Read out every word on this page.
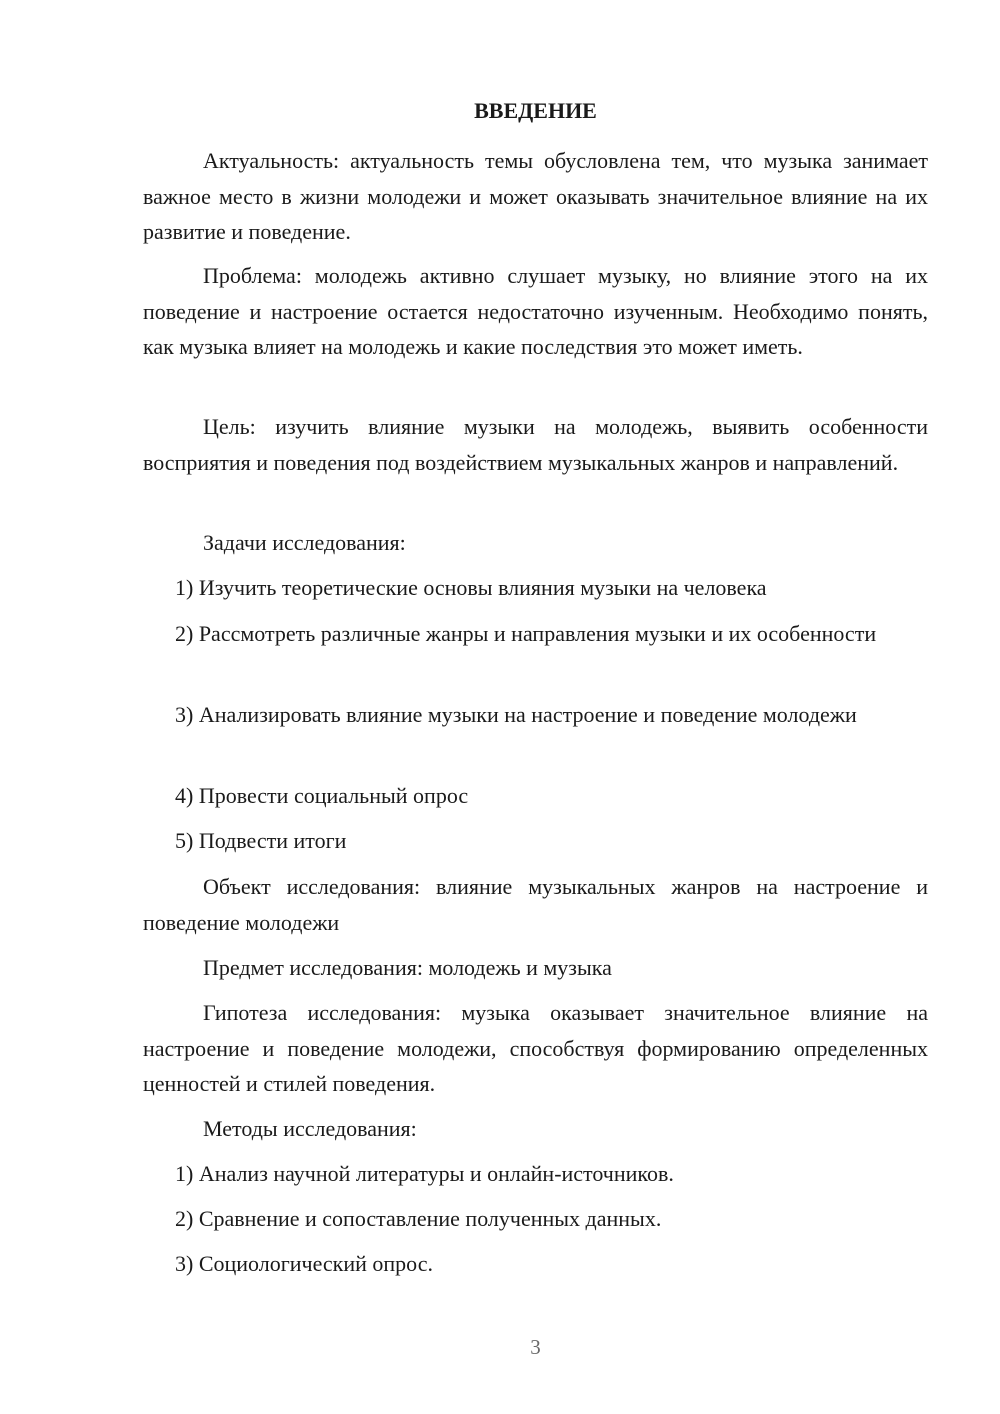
ВВЕДЕНИЕ

Актуальность: актуальность темы обусловлена тем, что музыка занимает важное место в жизни молодежи и может оказывать значительное влияние на их развитие и поведение.

Проблема: молодежь активно слушает музыку, но влияние этого на их поведение и настроение остается недостаточно изученным. Необходимо понять, как музыка влияет на молодежь и какие последствия это может иметь.

Цель: изучить влияние музыки на молодежь, выявить особенности восприятия и поведения под воздействием музыкальных жанров и направлений.

Задачи исследования:

1) Изучить теоретические основы влияния музыки на человека

2) Рассмотреть различные жанры и направления музыки и их особенности

3) Анализировать влияние музыки на настроение и поведение молодежи

4) Провести социальный опрос

5) Подвести итоги

Объект исследования: влияние музыкальных жанров на настроение и поведение молодежи

Предмет исследования: молодежь и музыка

Гипотеза исследования: музыка оказывает значительное влияние на настроение и поведение молодежи, способствуя формированию определенных ценностей и стилей поведения.

Методы исследования:

1) Анализ научной литературы и онлайн-источников.

2) Сравнение и сопоставление полученных данных.

3) Социологический опрос.

3
